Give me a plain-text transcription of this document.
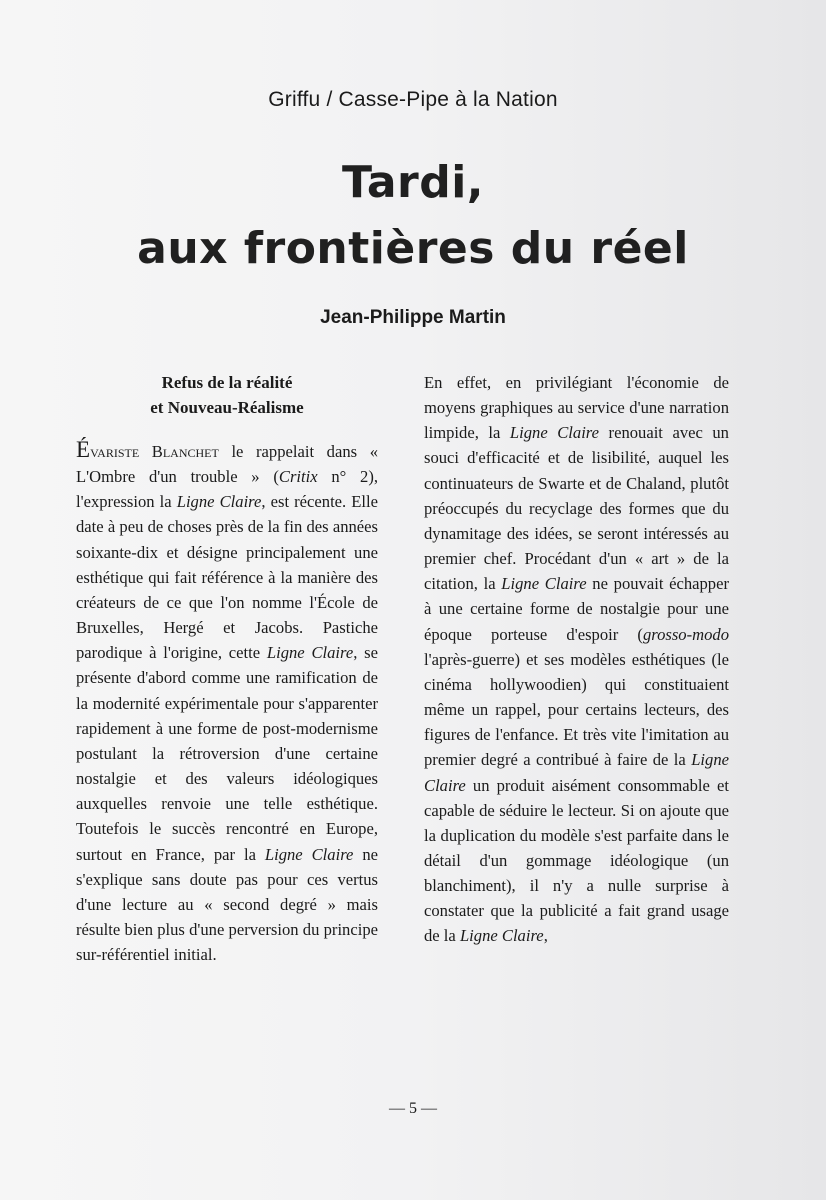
Griffu / Casse-Pipe à la Nation
Tardi,
aux frontières du réel
Jean-Philippe Martin
Refus de la réalité
et Nouveau-Réalisme

Évariste Blanchet le rappelait dans « L'Ombre d'un trouble » (Critix n° 2), l'expression la Ligne Claire, est récente. Elle date à peu de choses près de la fin des années soixante-dix et désigne principalement une esthétique qui fait référence à la manière des créateurs de ce que l'on nomme l'École de Bruxelles, Hergé et Jacobs. Pastiche parodique à l'origine, cette Ligne Claire, se présente d'abord comme une ramification de la modernité expérimentale pour s'apparenter rapidement à une forme de post-modernisme postulant la rétroversion d'une certaine nostalgie et des valeurs idéologiques auxquelles renvoie une telle esthétique. Toutefois le succès rencontré en Europe, surtout en France, par la Ligne Claire ne s'explique sans doute pas pour ces vertus d'une lecture au « second degré » mais résulte bien plus d'une perversion du principe sur-référentiel initial.

En effet, en privilégiant l'économie de moyens graphiques au service d'une narration limpide, la Ligne Claire renouait avec un souci d'efficacité et de lisibilité, auquel les continuateurs de Swarte et de Chaland, plutôt préoccupés du recyclage des formes que du dynamitage des idées, se seront intéressés au premier chef. Procédant d'un « art » de la citation, la Ligne Claire ne pouvait échapper à une certaine forme de nostalgie pour une époque porteuse d'espoir (grosso-modo l'après-guerre) et ses modèles esthétiques (le cinéma hollywoodien) qui constituaient même un rappel, pour certains lecteurs, des figures de l'enfance. Et très vite l'imitation au premier degré a contribué à faire de la Ligne Claire un produit aisément consommable et capable de séduire le lecteur. Si on ajoute que la duplication du modèle s'est parfaite dans le détail d'un gommage idéologique (un blanchiment), il n'y a nulle surprise à constater que la publicité a fait grand usage de la Ligne Claire,

— 5 —
